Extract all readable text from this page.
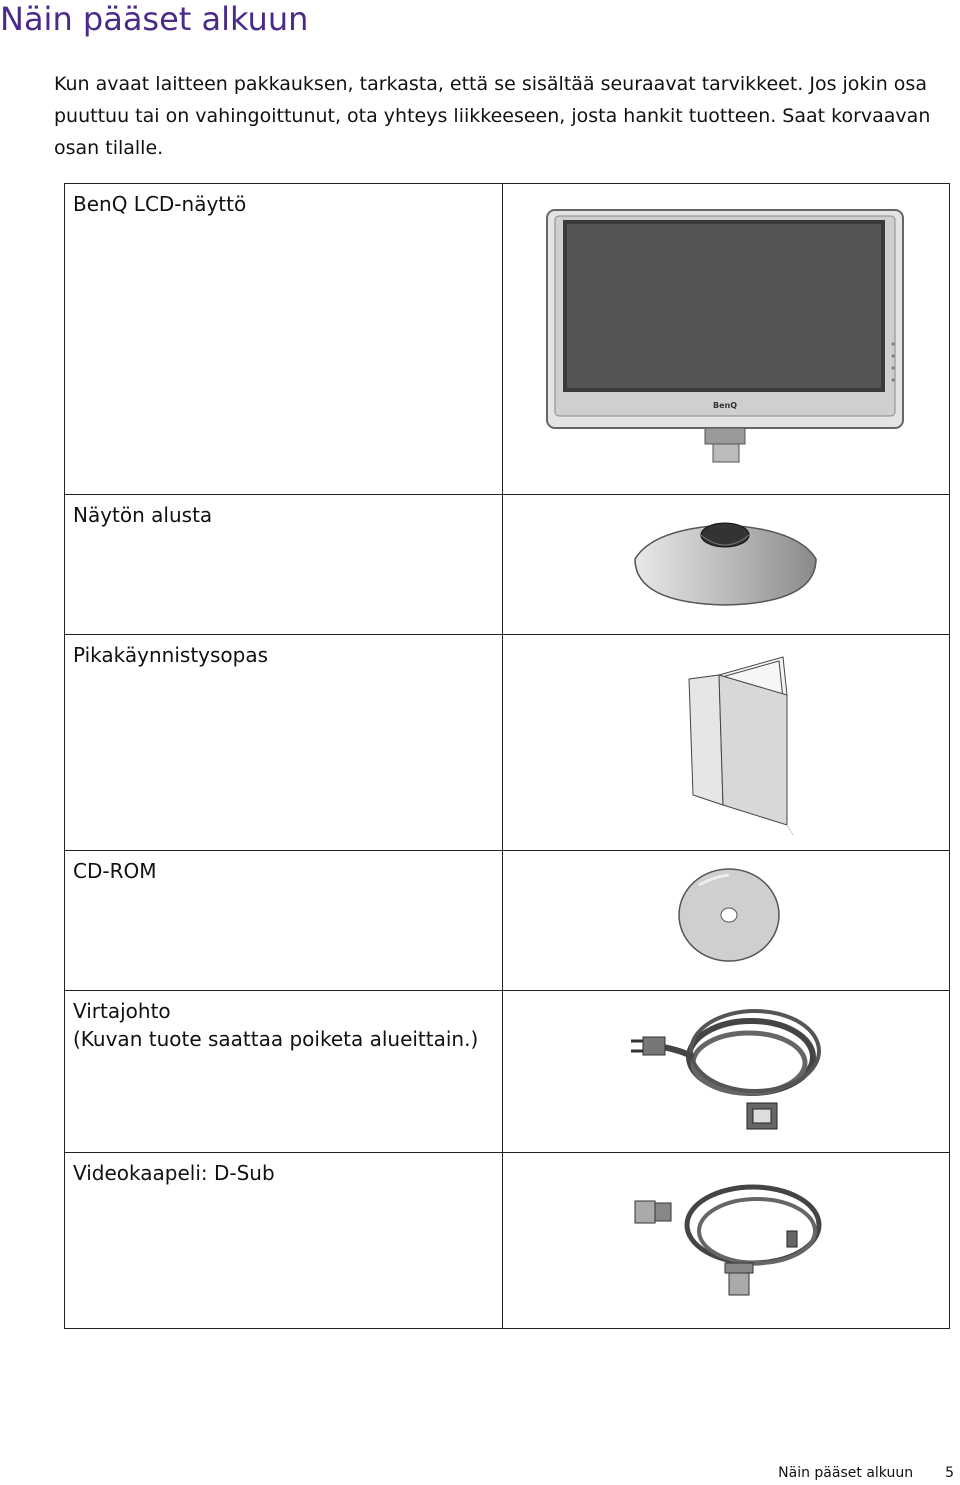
Näin pääset alkuun
Kun avaat laitteen pakkauksen, tarkasta, että se sisältää seuraavat tarvikkeet. Jos jokin osa puuttuu tai on vahingoittunut, ota yhteys liikkeeseen, josta hankit tuotteen. Saat korvaavan osan tilalle.
BenQ LCD-näyttö	BenQ

Näytön alusta	

Pikakäynnistysopas	

CD-ROM	

Virtajohto
(Kuvan tuote saattaa poiketa alueittain.)

Videokaapeli: D-Sub	
Näin pääset alkuun 5
